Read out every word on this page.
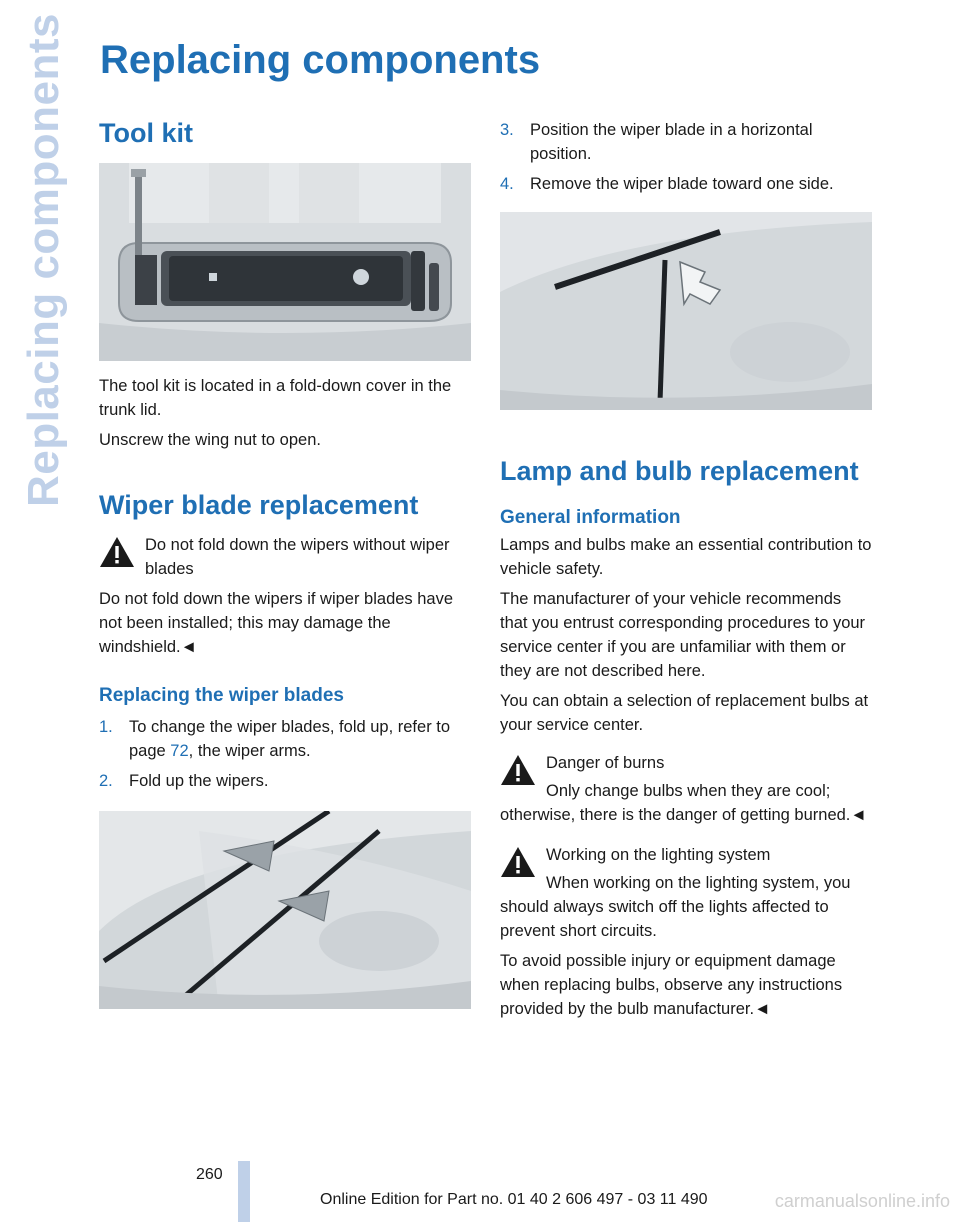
Replacing components Replacing components
Tool kit

The tool kit is located in a fold-down cover in the trunk lid.

Unscrew the wing nut to open.

Wiper blade replacement

Do not fold down the wipers without wiper blades

Do not fold down the wipers if wiper blades have not been installed; this may damage the windshield.◄

Replacing the wiper blades
1. To change the wiper blades, fold up, refer to page 72, the wiper arms.
2. Fold up the wipers.
3. Position the wiper blade in a horizontal position.
4. Remove the wiper blade toward one side.
Lamp and bulb replacement
General information

Lamps and bulbs make an essential contribution to vehicle safety.

The manufacturer of your vehicle recommends that you entrust corresponding procedures to your service center if you are unfamiliar with them or they are not described here.

You can obtain a selection of replacement bulbs at your service center.

Danger of burns

Only change bulbs when they are cool; otherwise, there is the danger of getting burned.◄

Working on the lighting system

When working on the lighting system, you should always switch off the lights affected to prevent short circuits.

To avoid possible injury or equipment damage when replacing bulbs, observe any instructions provided by the bulb manufacturer.◄

260
Online Edition for Part no. 01 40 2 606 497 - 03 11 490	carmanualsonline.info
